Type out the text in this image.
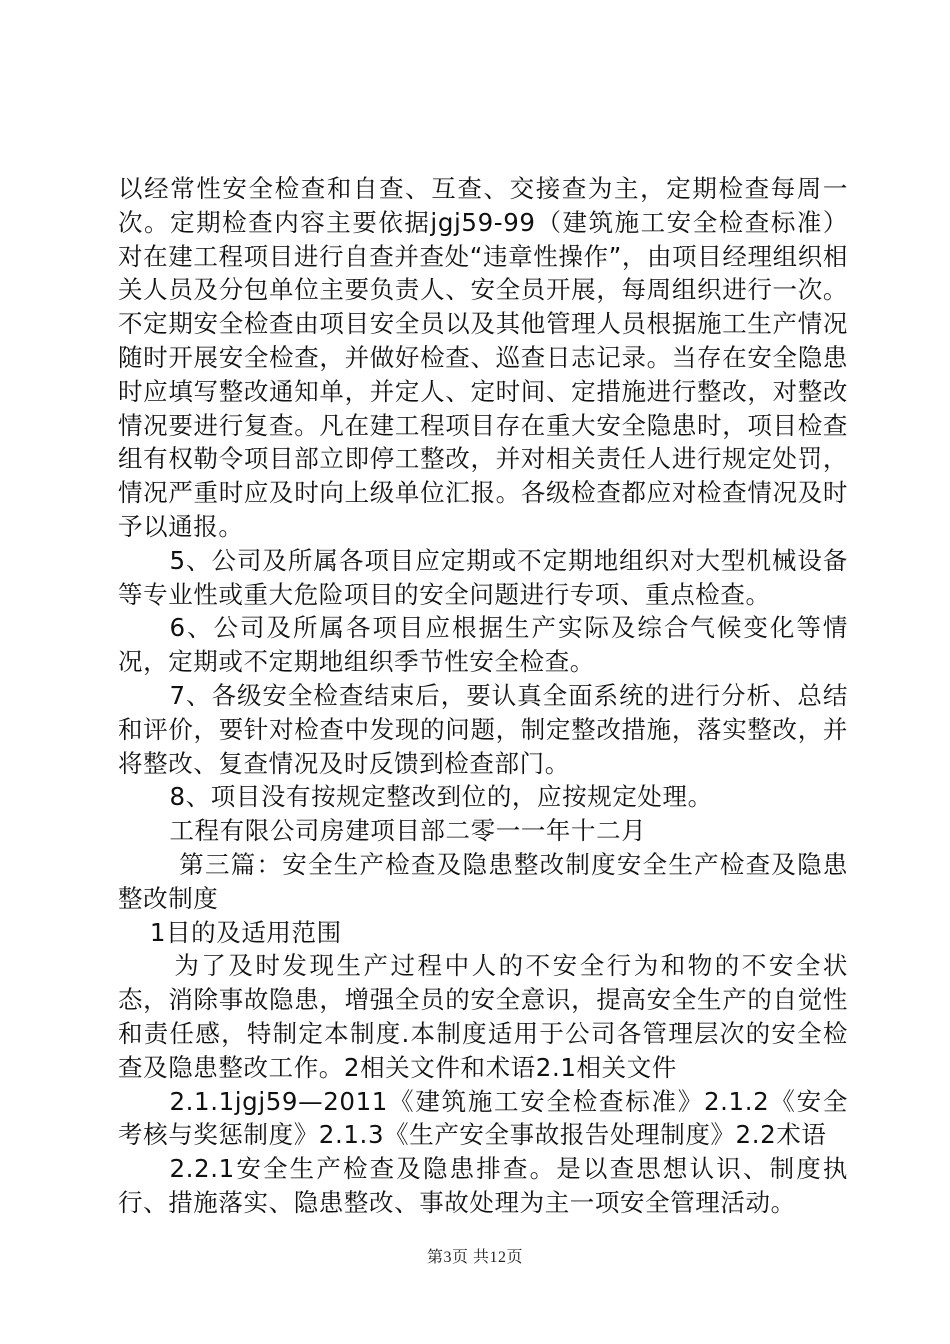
以经常性安全检查和自查、互查、交接查为主，定期检查每周一次。定期检查内容主要依据jgj59-99（建筑施工安全检查标准）对在建工程项目进行自查并查处“违章性操作”，由项目经理组织相关人员及分包单位主要负责人、安全员开展，每周组织进行一次。不定期安全检查由项目安全员以及其他管理人员根据施工生产情况随时开展安全检查，并做好检查、巡查日志记录。当存在安全隐患时应填写整改通知单，并定人、定时间、定措施进行整改，对整改情况要进行复查。凡在建工程项目存在重大安全隐患时，项目检查组有权勒令项目部立即停工整改，并对相关责任人进行规定处罚，情况严重时应及时向上级单位汇报。各级检查都应对检查情况及时予以通报。

5、公司及所属各项目应定期或不定期地组织对大型机械设备等专业性或重大危险项目的安全问题进行专项、重点检查。

6、公司及所属各项目应根据生产实际及综合气候变化等情况，定期或不定期地组织季节性安全检查。

7、各级安全检查结束后，要认真全面系统的进行分析、总结和评价，要针对检查中发现的问题，制定整改措施，落实整改，并将整改、复查情况及时反馈到检查部门。

8、项目没有按规定整改到位的，应按规定处理。

工程有限公司房建项目部二零一一年十二月

第三篇：安全生产检查及隐患整改制度安全生产检查及隐患整改制度

1目的及适用范围

为了及时发现生产过程中人的不安全行为和物的不安全状态，消除事故隐患，增强全员的安全意识，提高安全生产的自觉性和责任感，特制定本制度.本制度适用于公司各管理层次的安全检查及隐患整改工作。2相关文件和术语2.1相关文件

2.1.1jgj59—2011《建筑施工安全检查标准》2.1.2《安全考核与奖惩制度》2.1.3《生产安全事故报告处理制度》2.2术语

2.2.1安全生产检查及隐患排查。是以查思想认识、制度执行、措施落实、隐患整改、事故处理为主一项安全管理活动。

第3页 共12页
